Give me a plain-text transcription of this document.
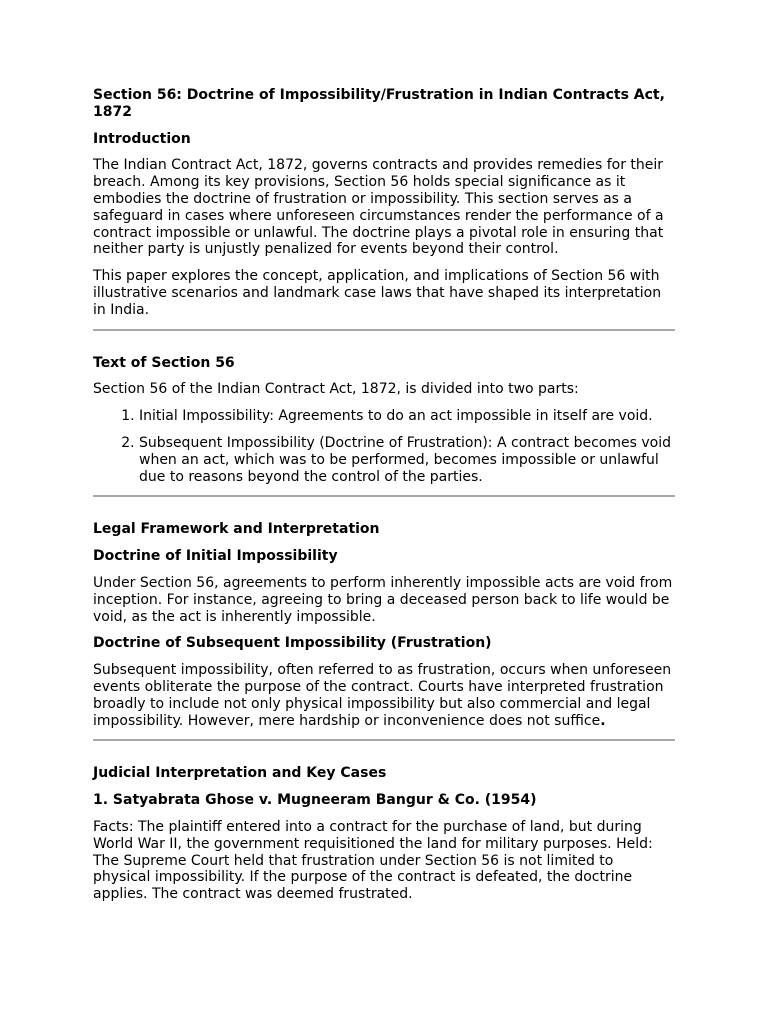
Section 56: Doctrine of Impossibility/Frustration in Indian Contracts Act, 1872
Introduction

The Indian Contract Act, 1872, governs contracts and provides remedies for their breach. Among its key provisions, Section 56 holds special significance as it embodies the doctrine of frustration or impossibility. This section serves as a safeguard in cases where unforeseen circumstances render the performance of a contract impossible or unlawful. The doctrine plays a pivotal role in ensuring that neither party is unjustly penalized for events beyond their control.

This paper explores the concept, application, and implications of Section 56 with illustrative scenarios and landmark case laws that have shaped its interpretation in India.

Text of Section 56

Section 56 of the Indian Contract Act, 1872, is divided into two parts:

1. Initial Impossibility: Agreements to do an act impossible in itself are void.
2. Subsequent Impossibility (Doctrine of Frustration): A contract becomes void when an act, which was to be performed, becomes impossible or unlawful due to reasons beyond the control of the parties.
Legal Framework and Interpretation
Doctrine of Initial Impossibility

Under Section 56, agreements to perform inherently impossible acts are void from inception. For instance, agreeing to bring a deceased person back to life would be void, as the act is inherently impossible.

Doctrine of Subsequent Impossibility (Frustration)

Subsequent impossibility, often referred to as frustration, occurs when unforeseen events obliterate the purpose of the contract. Courts have interpreted frustration broadly to include not only physical impossibility but also commercial and legal impossibility. However, mere hardship or inconvenience does not suffice.

Judicial Interpretation and Key Cases
1. Satyabrata Ghose v. Mugneeram Bangur & Co. (1954)

Facts: The plaintiff entered into a contract for the purchase of land, but during World War II, the government requisitioned the land for military purposes. Held: The Supreme Court held that frustration under Section 56 is not limited to physical impossibility. If the purpose of the contract is defeated, the doctrine applies. The contract was deemed frustrated.
